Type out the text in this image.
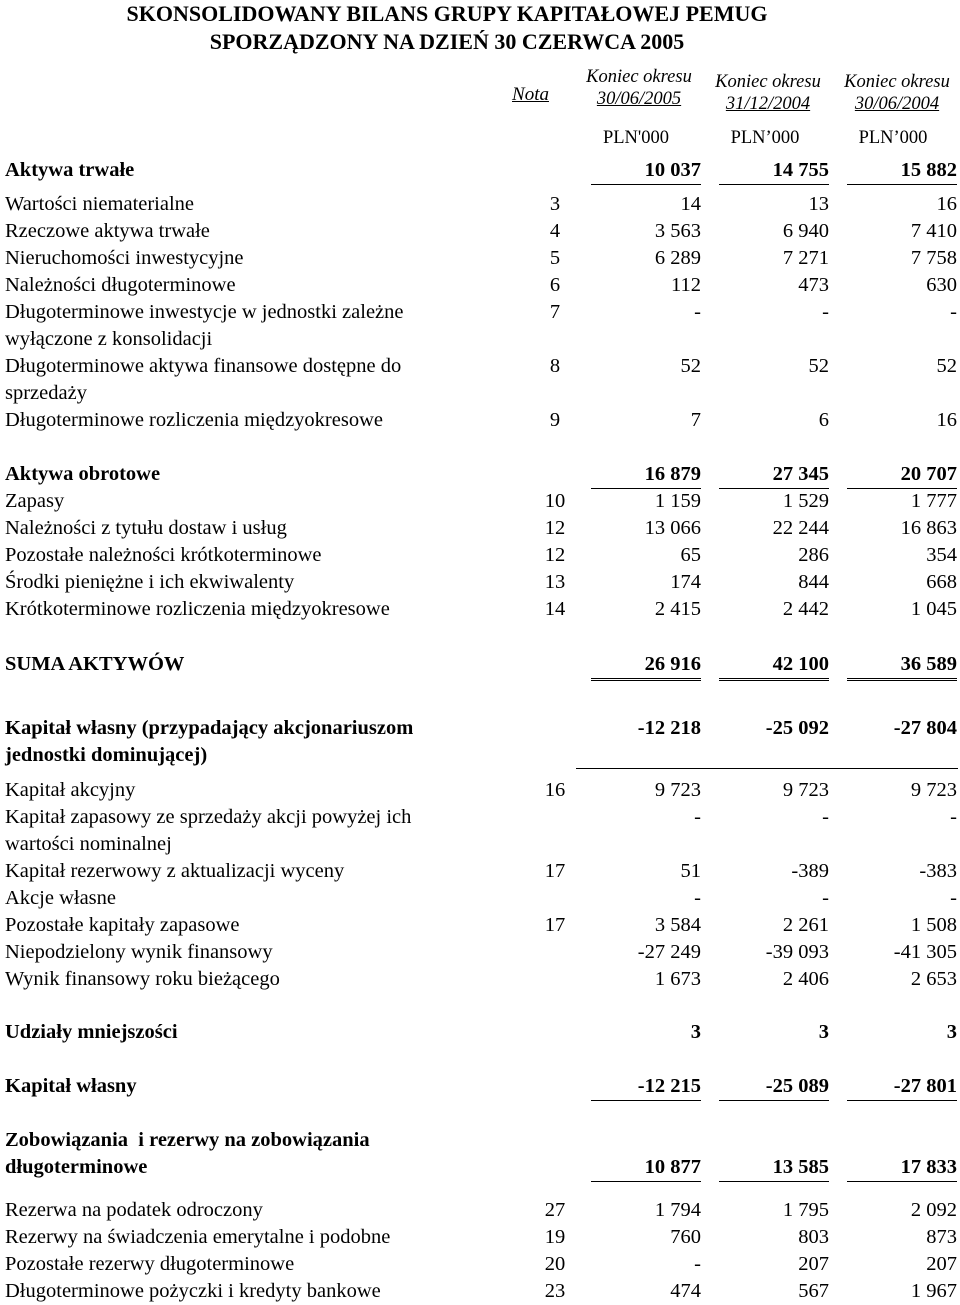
SKONSOLIDOWANY BILANS GRUPY KAPITAŁOWEJ PEMUG
SPORZĄDZONY NA DZIEŃ 30 CZERWCA 2005
Nota
Koniec okresu
30/06/2005
Koniec okresu
31/12/2004
Koniec okresu
30/06/2004
PLN'000	PLN’000	PLN’000
Aktywa trwałe	10 037	14 755	15 882
Wartości niematerialne	3	14	13	16
Rzeczowe aktywa trwałe	4	3 563	6 940	7 410
Nieruchomości inwestycyjne	5	6 289	7 271	7 758
Należności długoterminowe	6	112	473	630
Długoterminowe inwestycje w jednostki zależne
wyłączone z konsolidacji
7	-	-	-
Długoterminowe aktywa finansowe dostępne do
sprzedaży
8	52	52	52
Długoterminowe rozliczenia międzyokresowe	9	7	6	16
Aktywa obrotowe	16 879	27 345	20 707
Zapasy	10	1 159	1 529	1 777
Należności z tytułu dostaw i usług	12	13 066	22 244	16 863
Pozostałe należności krótkoterminowe	12	65	286	354
Środki pieniężne i ich ekwiwalenty	13	174	844	668
Krótkoterminowe rozliczenia międzyokresowe	14	2 415	2 442	1 045
SUMA AKTYWÓW	26 916	42 100	36 589
Kapitał własny (przypadający akcjonariuszom
jednostki dominującej)
-12 218	-25 092	-27 804
Kapitał akcyjny	16	9 723	9 723	9 723
Kapitał zapasowy ze sprzedaży akcji powyżej ich
wartości nominalnej
-	-	-
Kapitał rezerwowy z aktualizacji wyceny	17	51	-389	-383
Akcje własne	-	-	-
Pozostałe kapitały zapasowe	17	3 584	2 261	1 508
Niepodzielony wynik finansowy	-27 249	-39 093	-41 305
Wynik finansowy roku bieżącego	1 673	2 406	2 653
Udziały mniejszości	3	3	3
Kapitał własny	-12 215	-25 089	-27 801
Zobowiązania  i rezerwy na zobowiązania
długoterminowe	10 877	13 585	17 833
Rezerwa na podatek odroczony	27	1 794	1 795	2 092
Rezerwy na świadczenia emerytalne i podobne	19	760	803	873
Pozostałe rezerwy długoterminowe	20	-	207	207
Długoterminowe pożyczki i kredyty bankowe	23	474	567	1 967
